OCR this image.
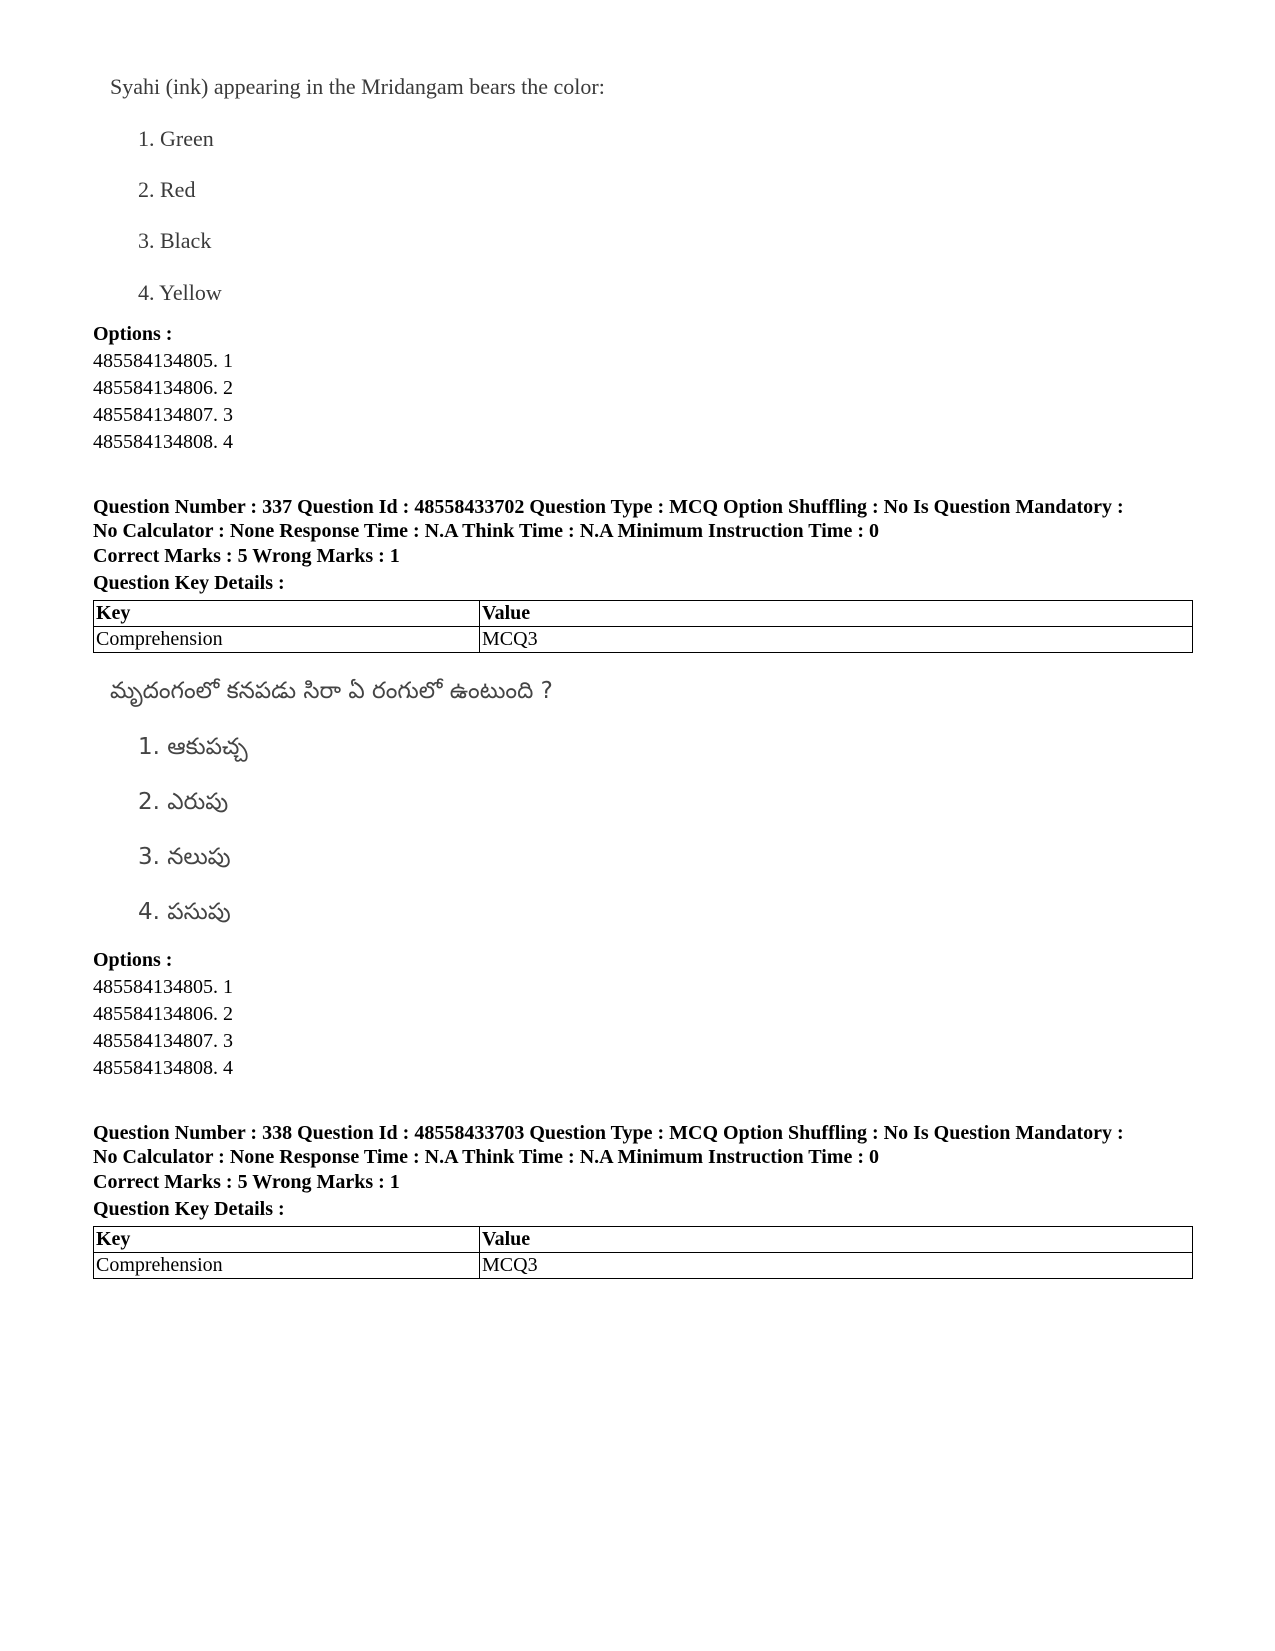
Syahi (ink) appearing in the Mridangam bears the color:
1. Green
2. Red
3. Black
4. Yellow
Options :
485584134805. 1
485584134806. 2
485584134807. 3
485584134808. 4
Question Number : 337 Question Id : 48558433702 Question Type : MCQ Option Shuffling : No Is Question Mandatory :
No Calculator : None Response Time : N.A Think Time : N.A Minimum Instruction Time : 0
Correct Marks : 5 Wrong Marks : 1
Question Key Details :
Key	Value
Comprehension	MCQ3
మృదంగంలో కనపడు సిరా ఏ రంగులో ఉంటుంది ?
1. ఆకుపచ్చ
2. ఎరుపు
3. నలుపు
4. పసుపు
Options :
485584134805. 1
485584134806. 2
485584134807. 3
485584134808. 4
Question Number : 338 Question Id : 48558433703 Question Type : MCQ Option Shuffling : No Is Question Mandatory :
No Calculator : None Response Time : N.A Think Time : N.A Minimum Instruction Time : 0
Correct Marks : 5 Wrong Marks : 1
Question Key Details :
Key	Value
Comprehension	MCQ3
